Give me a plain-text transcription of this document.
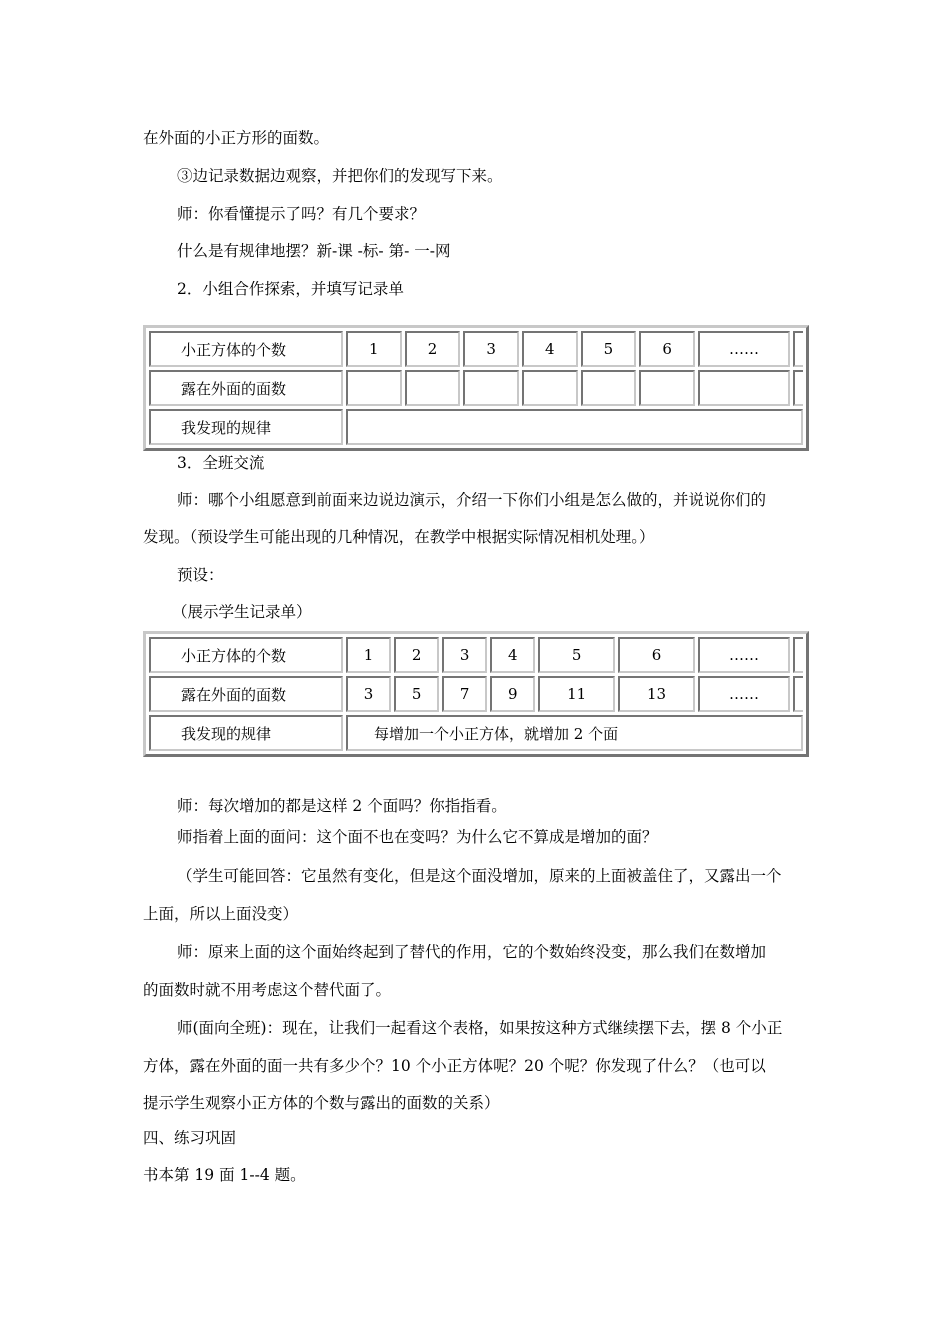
在外面的小正方形的面数。
③边记录数据边观察，并把你们的发现写下来。
师：你看懂提示了吗？有几个要求？
什么是有规律地摆？新-课 -标- 第- 一-网
2．小组合作探索，并填写记录单
小正方体的个数	1	2	3	4	5	6	……	
露在外面的面数								
我发现的规律								
3．全班交流
师：哪个小组愿意到前面来边说边演示，介绍一下你们小组是怎么做的，并说说你们的
发现。（预设学生可能出现的几种情况，在教学中根据实际情况相机处理。）
预设：
（展示学生记录单）
小正方体的个数	1	2	3	4	5	6	……	
露在外面的面数	3	5	7	9	11	13	……	
我发现的规律	每增加一个小正方体，就增加 2 个面							
师：每次增加的都是这样 2 个面吗？你指指看。
师指着上面的面问：这个面不也在变吗？为什么它不算成是增加的面？
（学生可能回答：它虽然有变化，但是这个面没增加，原来的上面被盖住了，又露出一个
上面，所以上面没变）
师：原来上面的这个面始终起到了替代的作用，它的个数始终没变，那么我们在数增加
的面数时就不用考虑这个替代面了。
师(面向全班)：现在，让我们一起看这个表格，如果按这种方式继续摆下去，摆 8 个小正
方体，露在外面的面一共有多少个？10 个小正方体呢？20 个呢？你发现了什么？（也可以
提示学生观察小正方体的个数与露出的面数的关系）
四、练习巩固
书本第 19 面 1--4 题。
